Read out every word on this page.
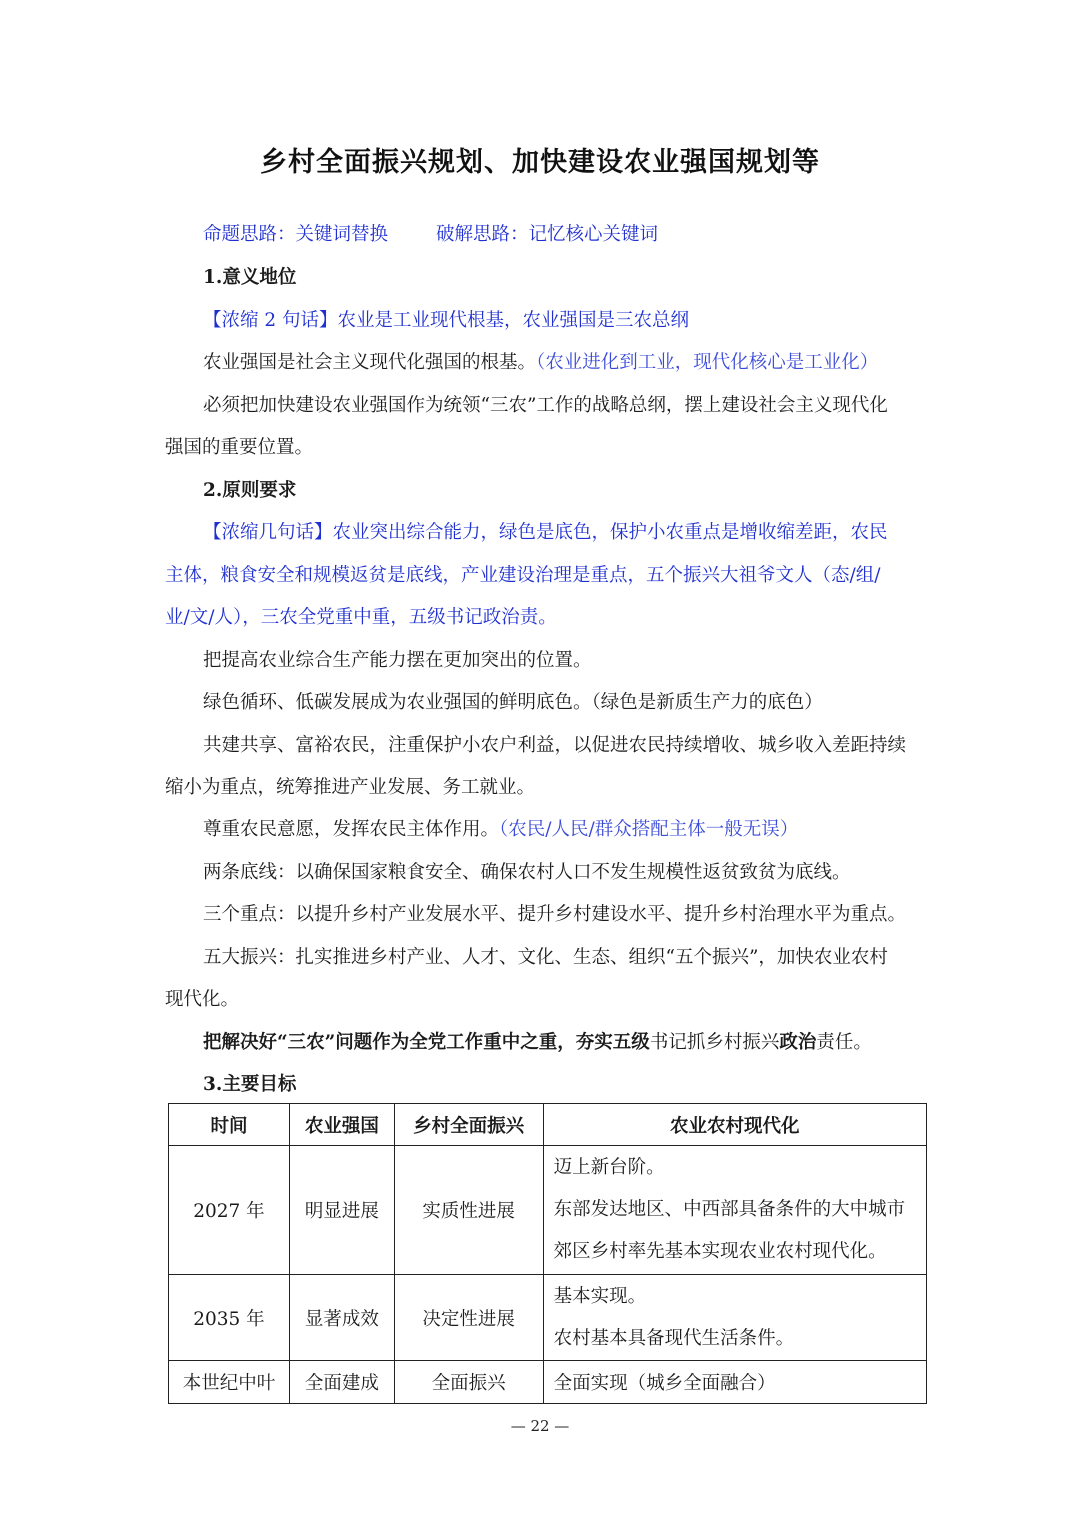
乡村全面振兴规划、加快建设农业强国规划等
命题思路：关键词替换	破解思路：记忆核心关键词
1.意义地位
【浓缩 2 句话】农业是工业现代根基，农业强国是三农总纲
农业强国是社会主义现代化强国的根基。（农业进化到工业，现代化核心是工业化）
必须把加快建设农业强国作为统领“三农”工作的战略总纲，摆上建设社会主义现代化
强国的重要位置。
2.原则要求
【浓缩几句话】农业突出综合能力，绿色是底色，保护小农重点是增收缩差距，农民
主体，粮食安全和规模返贫是底线，产业建设治理是重点，五个振兴大祖爷文人（态/组/
业/文/人），三农全党重中重，五级书记政治责。
把提高农业综合生产能力摆在更加突出的位置。
绿色循环、低碳发展成为农业强国的鲜明底色。（绿色是新质生产力的底色）
共建共享、富裕农民，注重保护小农户利益，以促进农民持续增收、城乡收入差距持续
缩小为重点，统筹推进产业发展、务工就业。
尊重农民意愿，发挥农民主体作用。（农民/人民/群众搭配主体一般无误）
两条底线：以确保国家粮食安全、确保农村人口不发生规模性返贫致贫为底线。
三个重点：以提升乡村产业发展水平、提升乡村建设水平、提升乡村治理水平为重点。
五大振兴：扎实推进乡村产业、人才、文化、生态、组织“五个振兴”，加快农业农村
现代化。
把解决好“三农”问题作为全党工作重中之重，夯实五级书记抓乡村振兴政治责任。
3.主要目标
时间	农业强国	乡村全面振兴	农业农村现代化
2027 年	明显进展	实质性进展	迈上新台阶。
东部发达地区、中西部具备条件的大中城市
郊区乡村率先基本实现农业农村现代化。

2035 年	显著成效	决定性进展	基本实现。
农村基本具备现代生活条件。

本世纪中叶	全面建成	全面振兴	全面实现（城乡全面融合）
— 22 —
